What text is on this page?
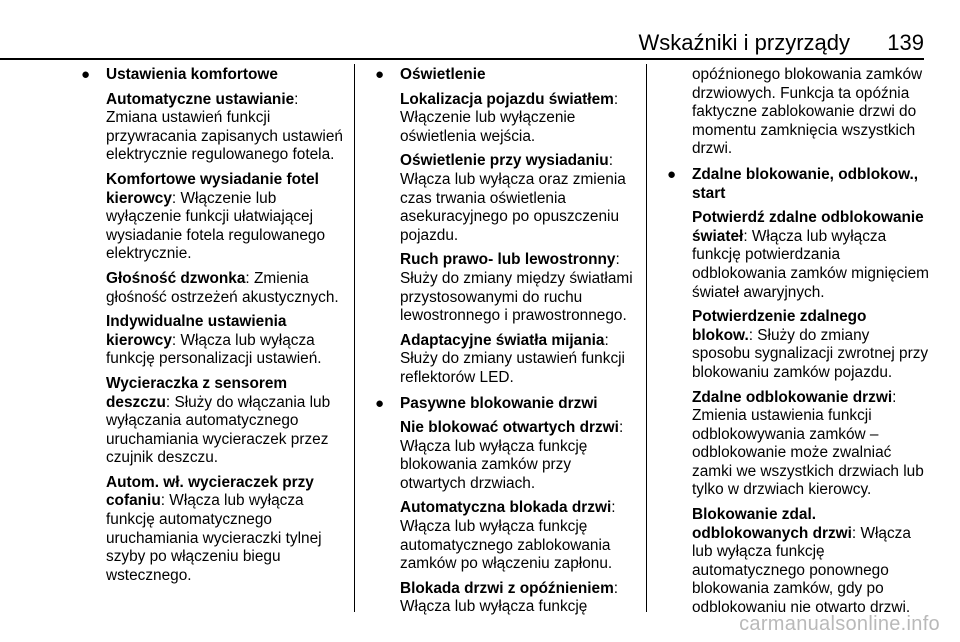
Wskaźniki i przyrządy 139
● Ustawienia komfortowe
Automatyczne ustawianie: Zmiana ustawień funkcji przywracania zapisanych ustawień elektrycznie regulowanego fotela.
Komfortowe wysiadanie fotel kierowcy: Włączenie lub wyłączenie funkcji ułatwiającej wysiadanie fotela regulowanego elektrycznie.
Głośność dzwonka: Zmienia głośność ostrzeżeń akustycznych.
Indywidualne ustawienia kierowcy: Włącza lub wyłącza funkcję personalizacji ustawień.
Wycieraczka z sensorem deszczu: Służy do włączania lub wyłączania automatycznego uruchamiania wycieraczek przez czujnik deszczu.
Autom. wł. wycieraczek przy cofaniu: Włącza lub wyłącza funkcję automatycznego uruchamiania wycieraczki tylnej szyby po włączeniu biegu wstecznego.
● Oświetlenie
Lokalizacja pojazdu światłem: Włączenie lub wyłączenie oświetlenia wejścia.
Oświetlenie przy wysiadaniu: Włącza lub wyłącza oraz zmienia czas trwania oświetlenia asekuracyjnego po opuszczeniu pojazdu.
Ruch prawo- lub lewostronny: Służy do zmiany między światłami przystosowanymi do ruchu lewostronnego i prawostronnego.
Adaptacyjne światła mijania: Służy do zmiany ustawień funkcji reflektorów LED.
● Pasywne blokowanie drzwi
Nie blokować otwartych drzwi: Włącza lub wyłącza funkcję blokowania zamków przy otwartych drzwiach.
Automatyczna blokada drzwi: Włącza lub wyłącza funkcję automatycznego zablokowania zamków po włączeniu zapłonu.
Blokada drzwi z opóźnieniem: Włącza lub wyłącza funkcję
opóźnionego blokowania zamków drzwiowych. Funkcja ta opóźnia faktyczne zablokowanie drzwi do momentu zamknięcia wszystkich drzwi.
● Zdalne blokowanie, odblokow., start
Potwierdź zdalne odblokowanie świateł: Włącza lub wyłącza funkcję potwierdzania odblokowania zamków mignięciem świateł awaryjnych.
Potwierdzenie zdalnego blokow.: Służy do zmiany sposobu sygnalizacji zwrotnej przy blokowaniu zamków pojazdu.
Zdalne odblokowanie drzwi: Zmienia ustawienia funkcji odblokowywania zamków – odblokowanie może zwalniać zamki we wszystkich drzwiach lub tylko w drzwiach kierowcy.
Blokowanie zdal. odblokowanych drzwi: Włącza lub wyłącza funkcję automatycznego ponownego blokowania zamków, gdy po odblokowaniu nie otwarto drzwi.
carmanualsonline.info
